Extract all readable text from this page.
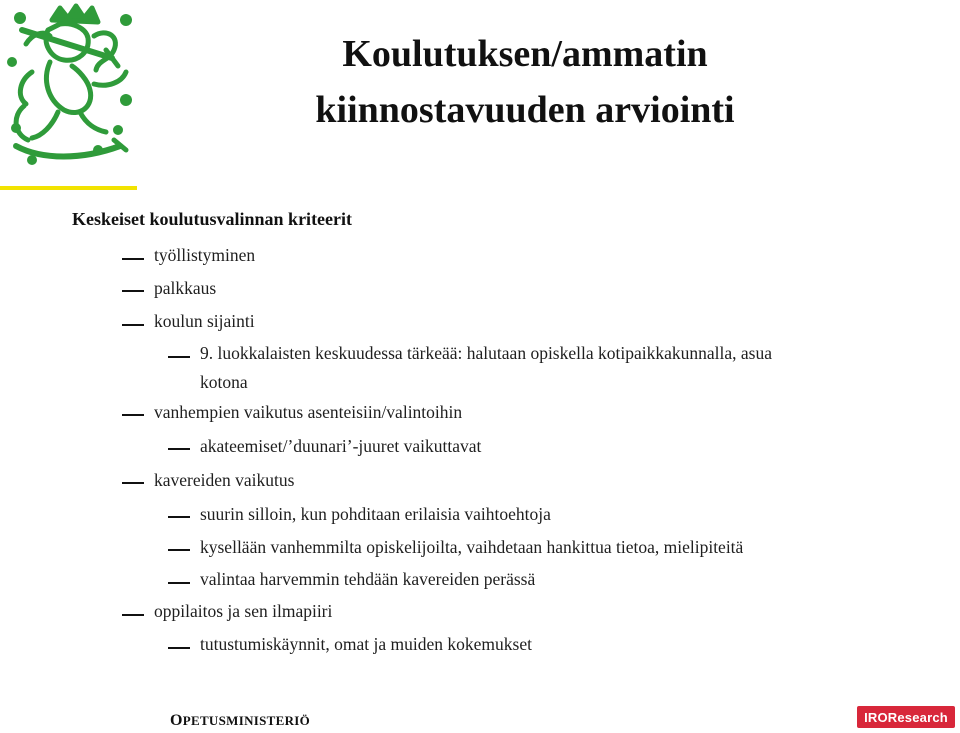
Koulutuksen/ammatin
kiinnostavuuden arviointi
Keskeiset koulutusvalinnan kriteerit
työllistyminen
palkkaus
koulun sijainti
9. luokkalaisten keskuudessa tärkeää: halutaan opiskella kotipaikkakunnalla, asua
kotona
vanhempien vaikutus asenteisiin/valintoihin
akateemiset/’duunari’-juuret vaikuttavat
kavereiden vaikutus
suurin silloin, kun pohditaan erilaisia vaihtoehtoja
kysellään vanhemmilta opiskelijoilta, vaihdetaan hankittua tietoa, mielipiteitä
valintaa harvemmin tehdään kavereiden perässä
oppilaitos ja sen ilmapiiri
tutustumiskäynnit, omat ja muiden kokemukset
OPETUSMINISTERIÖ	IROResearch
